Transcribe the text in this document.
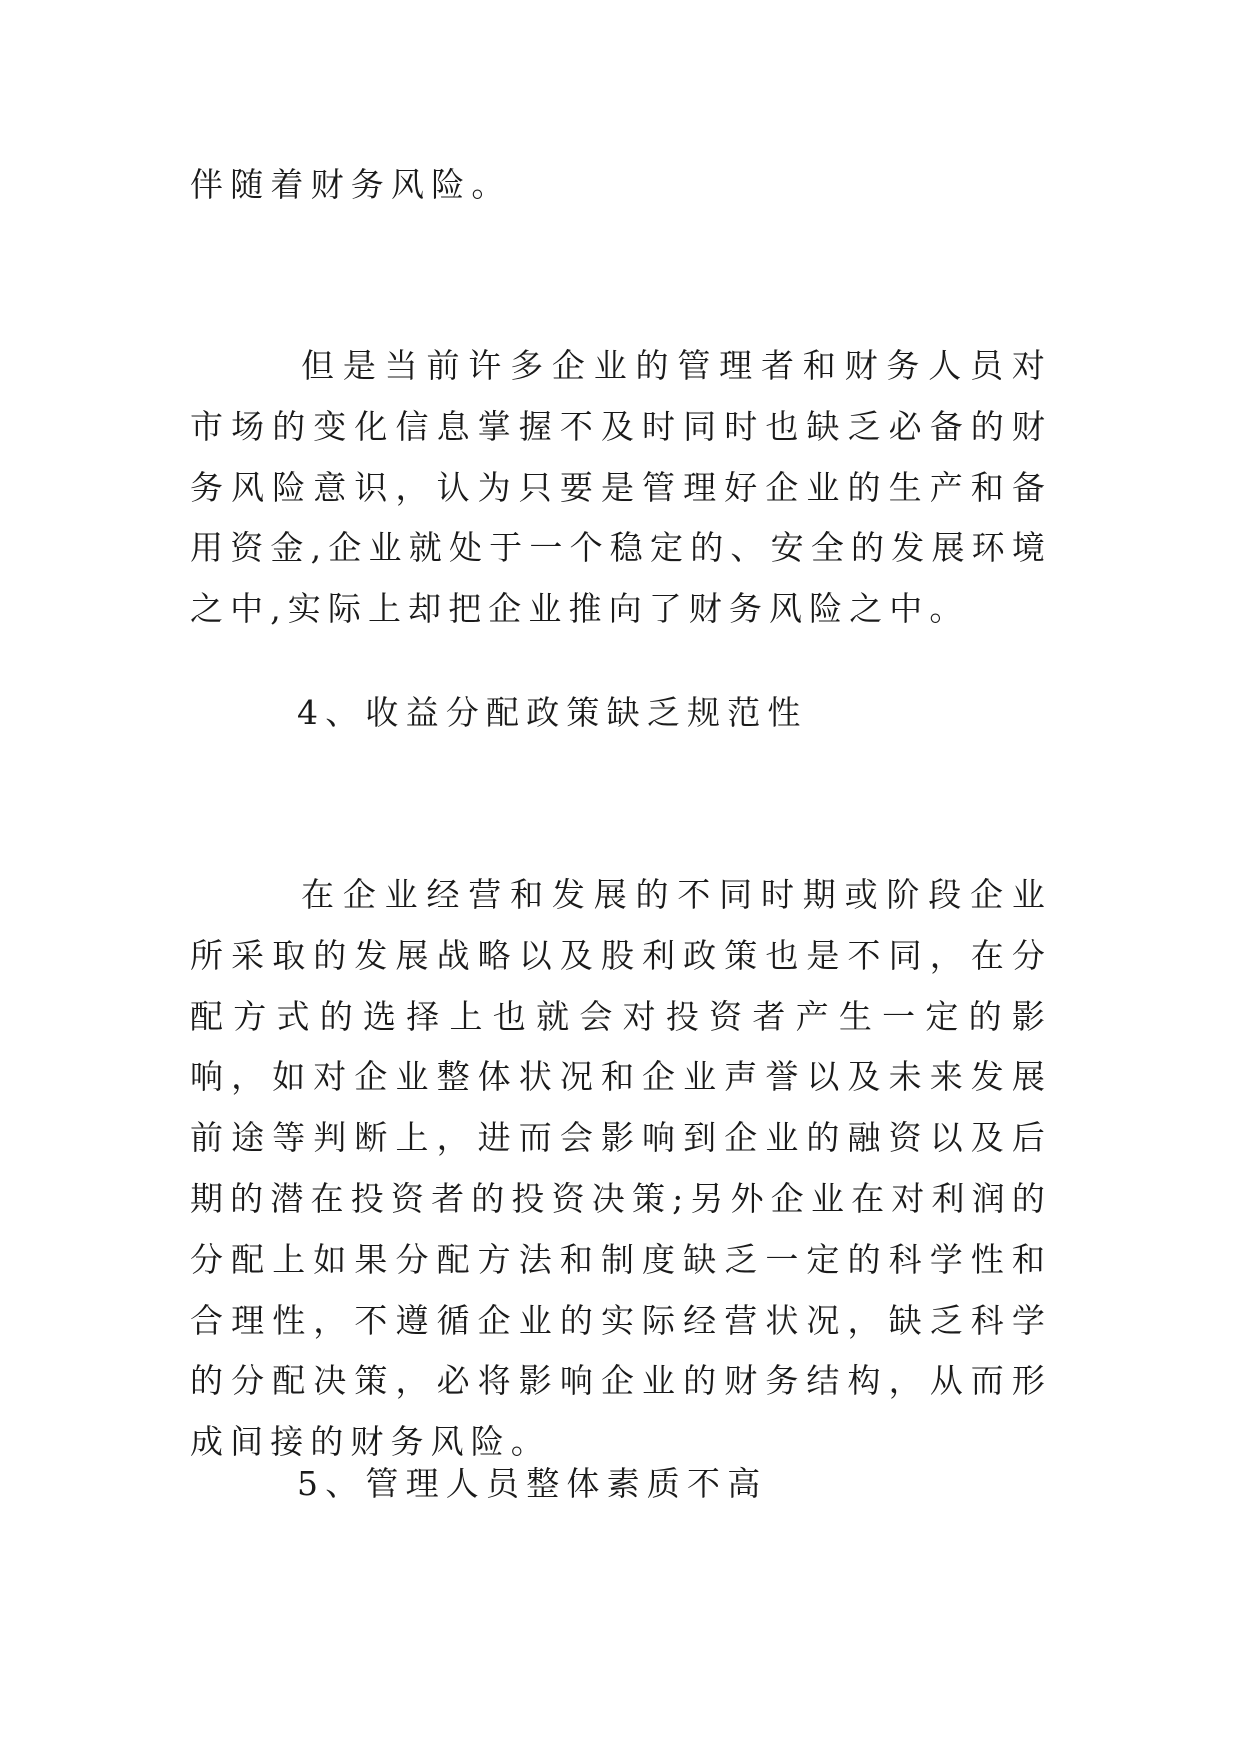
伴随着财务风险。

但是当前许多企业的管理者和财务人员对市场的变化信息掌握不及时同时也缺乏必备的财务风险意识，认为只要是管理好企业的生产和备用资金,企业就处于一个稳定的、安全的发展环境之中,实际上却把企业推向了财务风险之中。

4、收益分配政策缺乏规范性

在企业经营和发展的不同时期或阶段企业所采取的发展战略以及股利政策也是不同，在分配方式的选择上也就会对投资者产生一定的影响，如对企业整体状况和企业声誉以及未来发展前途等判断上，进而会影响到企业的融资以及后期的潜在投资者的投资决策;另外企业在对利润的分配上如果分配方法和制度缺乏一定的科学性和合理性，不遵循企业的实际经营状况，缺乏科学的分配决策，必将影响企业的财务结构，从而形成间接的财务风险。

5、管理人员整体素质不高
